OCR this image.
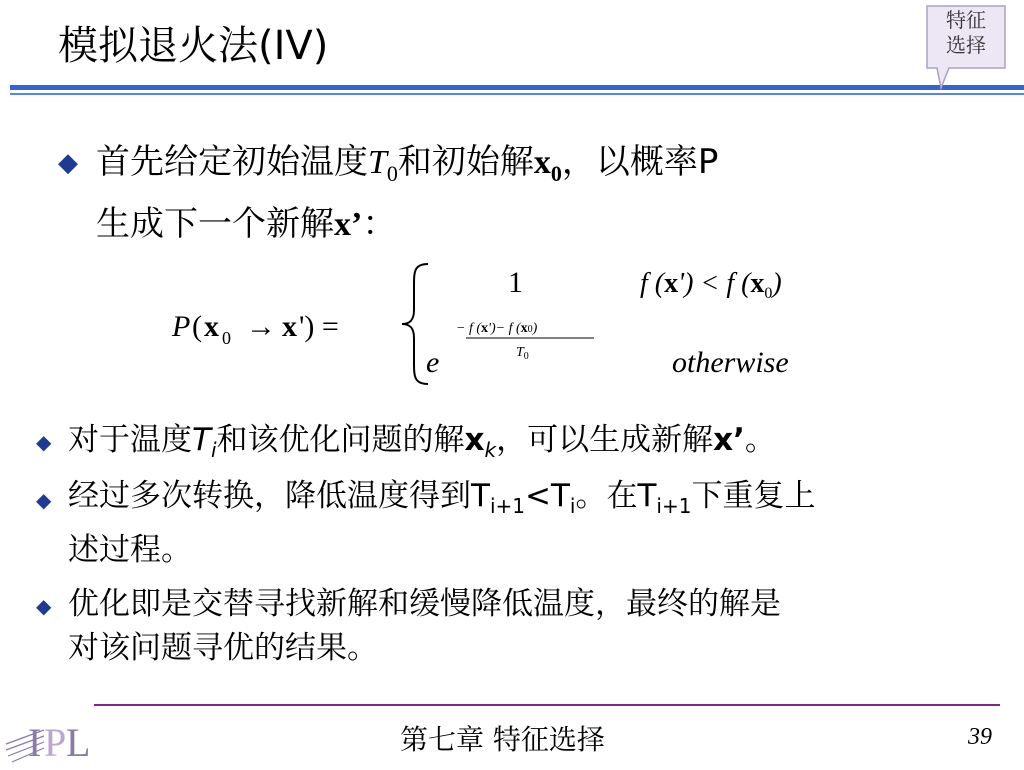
模拟退火法(IV)
特征
选择
◆ 首先给定初始温度$T_0$和初始解$x_0$，以概率P
生成下一个新解x’：
P ( x 0 → x ') =
1	f (x') < f $(x_0)$
− f (x')− f (x0)
$T_0$
e	otherwise
◆ 对于温度$T_i$和该优化问题的解$x_k$，可以生成新解x’。
◆ 经过多次转换，降低温度得到$T_{i+1}<T_i$。在$T_{i+1}$下重复上
述过程。
◆ 优化即是交替寻找新解和缓慢降低温度，最终的解是
对该问题寻优的结果。
I P L	第七章 特征选择	39
